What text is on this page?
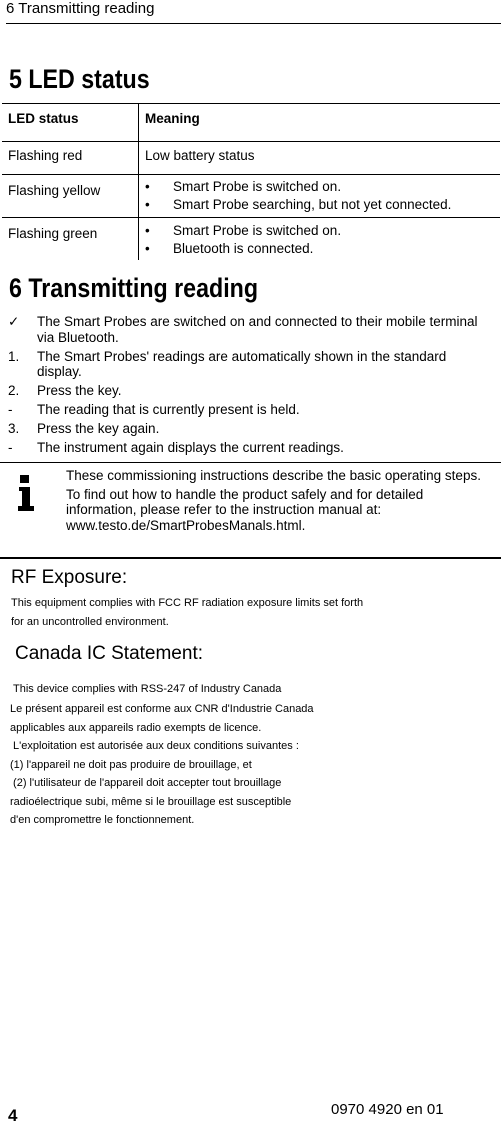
6 Transmitting reading
5 LED status
LED status	Meaning
Flashing red	Low battery status
Flashing yellow	• Smart Probe is switched on.
• Smart Probe searching, but not yet connected.

Flashing green	• Smart Probe is switched on.
• Bluetooth is connected.
6 Transmitting reading
✓ The Smart Probes are switched on and connected to their mobile terminal via Bluetooth.
1. The Smart Probes' readings are automatically shown in the standard display.
2. Press the key.
- The reading that is currently present is held.
3. Press the key again.
- The instrument again displays the current readings.

These commissioning instructions describe the basic operating steps.

To find out how to handle the product safely and for detailed information, please refer to the instruction manual at: www.testo.de/SmartProbesManals.html.

RF Exposure:
This equipment complies with FCC RF radiation exposure limits set forth
for an uncontrolled environment.
Canada IC Statement:
This device complies with RSS-247 of Industry Canada
Le présent appareil est conforme aux CNR d'Industrie Canada
applicables aux appareils radio exempts de licence.
L'exploitation est autorisée aux deux conditions suivantes :
(1) l'appareil ne doit pas produire de brouillage, et
(2) l'utilisateur de l'appareil doit accepter tout brouillage
radioélectrique subi, même si le brouillage est susceptible
d'en compromettre le fonctionnement.
4	0970 4920 en 01
